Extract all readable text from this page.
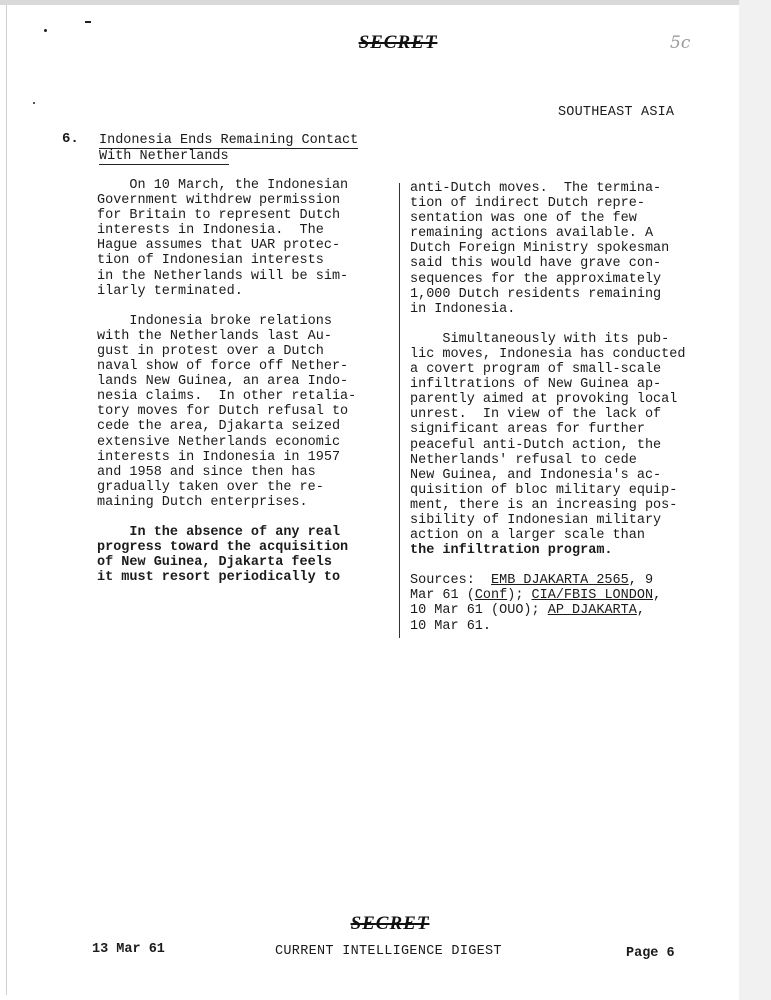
SECRET	5c
SOUTHEAST ASIA
6. Indonesia Ends Remaining Contact
With Netherlands

On 10 March, the Indonesian
Government withdrew permission
for Britain to represent Dutch
interests in Indonesia.  The
Hague assumes that UAR protec-
tion of Indonesian interests
in the Netherlands will be sim-
ilarly terminated.

Indonesia broke relations
with the Netherlands last Au-
gust in protest over a Dutch
naval show of force off Nether-
lands New Guinea, an area Indo-
nesia claims.  In other retalia-
tory moves for Dutch refusal to
cede the area, Djakarta seized
extensive Netherlands economic
interests in Indonesia in 1957
and 1958 and since then has
gradually taken over the re-
maining Dutch enterprises.

In the absence of any real
progress toward the acquisition
of New Guinea, Djakarta feels
it must resort periodically to

anti-Dutch moves.  The termina-
tion of indirect Dutch repre-
sentation was one of the few
remaining actions available. A
Dutch Foreign Ministry spokesman
said this would have grave con-
sequences for the approximately
1,000 Dutch residents remaining
in Indonesia.

Simultaneously with its pub-
lic moves, Indonesia has conducted
a covert program of small-scale
infiltrations of New Guinea ap-
parently aimed at provoking local
unrest.  In view of the lack of
significant areas for further
peaceful anti-Dutch action, the
Netherlands' refusal to cede
New Guinea, and Indonesia's ac-
quisition of bloc military equip-
ment, there is an increasing pos-
sibility of Indonesian military
action on a larger scale than
the infiltration program.

Sources: EMB DJAKARTA 2565, 9
Mar 61 (Conf); CIA/FBIS LONDON,
10 Mar 61 (OUO); AP DJAKARTA,
10 Mar 61.

SECRET
13 Mar 61	CURRENT INTELLIGENCE DIGEST	Page 6
